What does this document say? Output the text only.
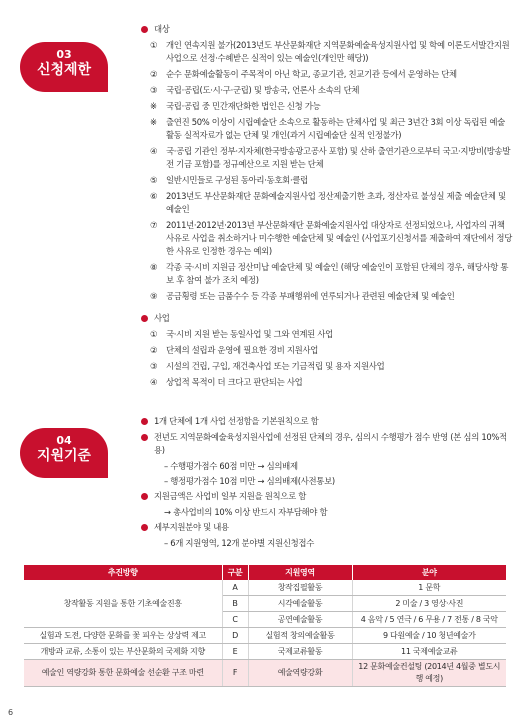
03
신청제한
대상
① 개인 연속지원 불가(2013년도 부산문화재단 지역문화예술육성지원사업 및 학예 이론도서발간지원사업으로 선정·수혜받은 실적이 있는 예술인(개인만 해당))
② 순수 문화예술활동이 주목적이 아닌 학교, 종교기관, 친교기관 등에서 운영하는 단체
③ 국립·공립(도·시·구·군립) 및 방송국, 언론사 소속의 단체
※ 국립·공립 중 민간재단화한 법인은 신청 가능
※ 출연진 50% 이상이 시립예술단 소속으로 활동하는 단체사업 및 최근 3년간 3회 이상 독립된 예술 활동 실적자료가 없는 단체 및 개인(과거 시립예술단 실적 인정불가)
④ 국·공립 기관인 정부·지자체(한국방송광고공사 포함) 및 산하 출연기관으로부터 국고·지방비(방송발전 기금 포함)를 정규예산으로 지원 받는 단체
⑤ 일반시민들로 구성된 동아리·동호회·클럽
⑥ 2013년도 부산문화재단 문화예술지원사업 정산제출기한 초과, 정산자료 불성실 제출 예술단체 및 예술인
⑦ 2011년·2012년·2013년 부산문화재단 문화예술지원사업 대상자로 선정되었으나, 사업자의 귀책 사유로 사업을 취소하거나 미수행한 예술단체 및 예술인 (사업포기신청서를 제출하여 재단에서 정당한 사유로 인정한 경우는 예외)
⑧ 각종 국·시비 지원금 정산미납 예술단체 및 예술인 (해당 예술인이 포함된 단체의 경우, 해당사항 통보 후 참여 불가 조치 예정)
⑨ 공금횡령 또는 금품수수 등 각종 부패행위에 연루되거나 관련된 예술단체 및 예술인
사업
① 국·시비 지원 받는 동일사업 및 그와 연계된 사업
② 단체의 설립과 운영에 필요한 경비 지원사업
③ 시설의 건립, 구입, 재건축사업 또는 기금적립 및 용자 지원사업
④ 상업적 목적이 더 크다고 판단되는 사업
04
지원기준
1개 단체에 1개 사업 선정함을 기본원칙으로 함
전년도 지역문화예술육성지원사업에 선정된 단체의 경우, 심의시 수행평가 점수 반영 (본 심의 10%적용)
– 수행평가점수 60점 미만 → 심의배제
– 행정평가점수 10점 미만 → 심의배제(사전통보)
지원금액은 사업비 일부 지원을 원칙으로 함
→ 총사업비의 10% 이상 반드시 자부담해야 함
세부지원분야 및 내용
– 6개 지원영역, 12개 분야별 지원신청접수
추진방향	구분	지원영역	분야
창작활동 지원을 통한 기초예술진흥	A	창작집필활동	1 문학
	B	시각예술활동	2 미술 / 3 영상·사진
	C	공연예술활동	4 음악 / 5 연극 / 6 무용 / 7 전통 / 8 국악
실험과 도전, 다양한 문화를 꽃 피우는 상상력 제고	D	실험적 창의예술활동	9 다원예술 / 10 청년예술가
개방과 교류, 소통이 있는 부산문화의 국제화 지향	E	국제교류활동	11 국제예술교류
예술인 역량강화 통한 문화예술 선순환 구조 마련	F	예술역량강화	12 문화예술컨설팅 (2014년 4월중 별도시행 예정)
6
